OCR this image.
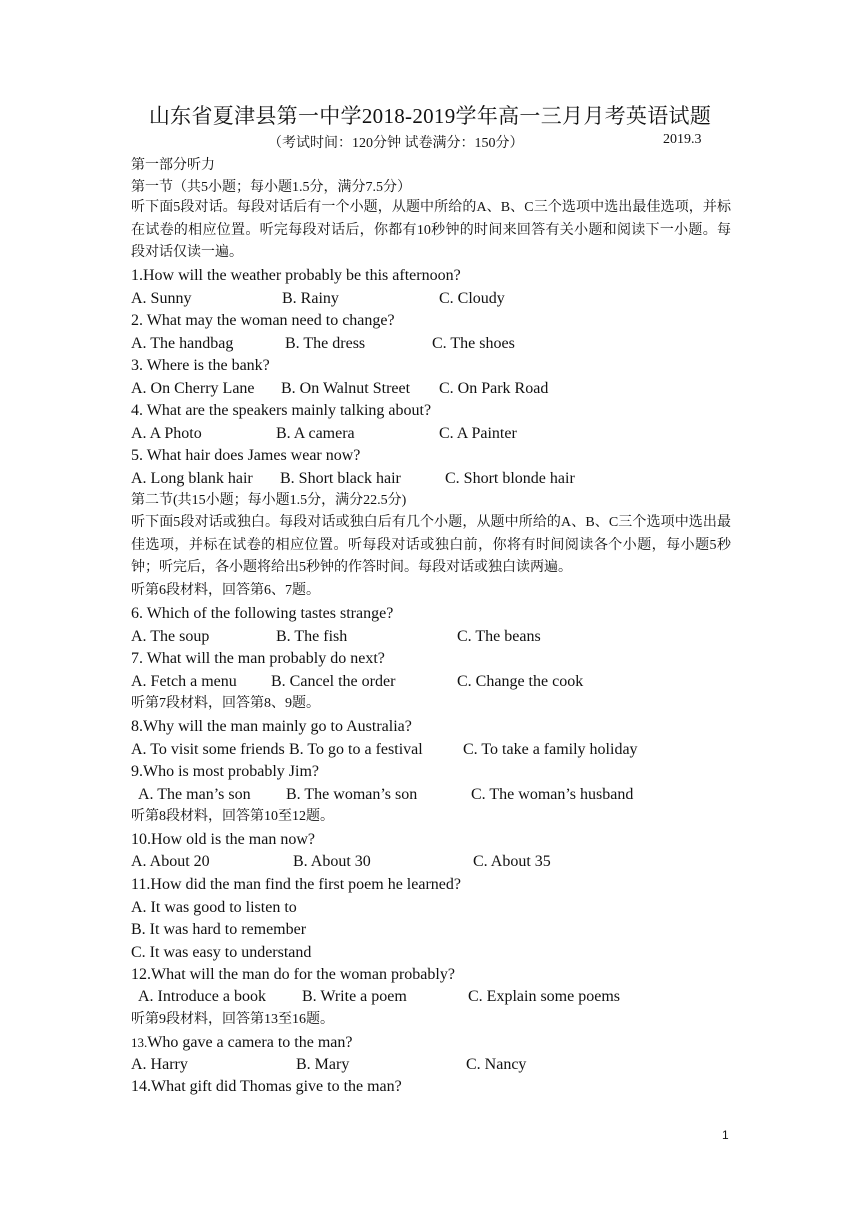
山东省夏津县第一中学2018-2019学年高一三月月考英语试题
（考试时间：120分钟 试卷满分：150分）	2019.3
第一部分听力
第一节（共5小题；每小题1.5分，满分7.5分）
听下面5段对话。每段对话后有一个小题，从题中所给的A、B、C三个选项中选出最佳选项，并标在试卷的相应位置。听完每段对话后，你都有10秒钟的时间来回答有关小题和阅读下一小题。每段对话仅读一遍。
1.How will the weather probably be this afternoon?
A. Sunny	B. Rainy	C. Cloudy
2. What may the woman need to change?
A. The handbag	B. The dress	C. The shoes
3. Where is the bank?
A. On Cherry Lane B. On Walnut Street C. On Park Road
4. What are the speakers mainly talking about?
A. A Photo	B. A camera	C. A Painter
5. What hair does James wear now?
A. Long blank hair B. Short black hair	C. Short blonde hair
第二节(共15小题；每小题1.5分，满分22.5分)
听下面5段对话或独白。每段对话或独白后有几个小题，从题中所给的A、B、C三个选项中选出最佳选项，并标在试卷的相应位置。听每段对话或独白前，你将有时间阅读各个小题，每小题5秒钟；听完后，各小题将给出5秒钟的作答时间。每段对话或独白读两遍。
听第6段材料，回答第6、7题。
6. Which of the following tastes strange?
A. The soup	B. The fish	C. The beans
7. What will the man probably do next?
A. Fetch a menu B. Cancel the order	C. Change the cook
听第7段材料，回答第8、9题。
8.Why will the man mainly go to Australia?
A. To visit some friends B. To go to a festival	C. To take a family holiday
9.Who is most probably Jim?
A. The man’s son B. The woman’s son	C. The woman’s husband
听第8段材料，回答第10至12题。
10.How old is the man now?
A. About 20	B. About 30	C. About 35
11.How did the man find the first poem he learned?
A. It was good to listen to
B. It was hard to remember
C. It was easy to understand
12.What will the man do for the woman probably?
A. Introduce a book B. Write a poem	C. Explain some poems
听第9段材料，回答第13至16题。
13.Who gave a camera to the man?
A. Harry	B. Mary	C. Nancy
14.What gift did Thomas give to the man?
1
